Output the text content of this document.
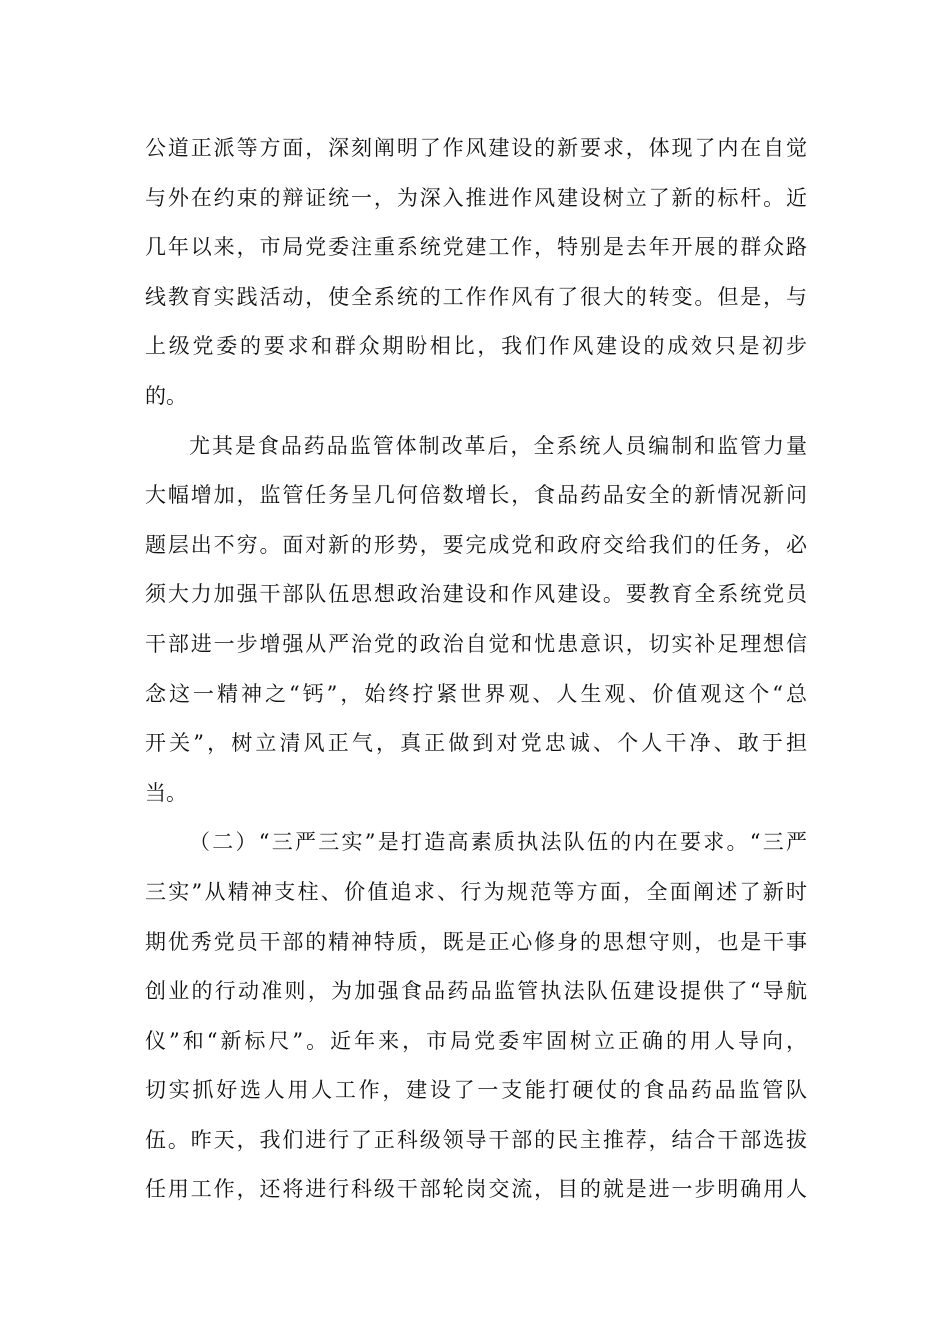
公道正派等方面，深刻阐明了作风建设的新要求，体现了内在自觉
与外在约束的辩证统一，为深入推进作风建设树立了新的标杆。近
几年以来，市局党委注重系统党建工作，特别是去年开展的群众路
线教育实践活动，使全系统的工作作风有了很大的转变。但是，与
上级党委的要求和群众期盼相比，我们作风建设的成效只是初步
的。
尤其是食品药品监管体制改革后，全系统人员编制和监管力量
大幅增加，监管任务呈几何倍数增长，食品药品安全的新情况新问
题层出不穷。面对新的形势，要完成党和政府交给我们的任务，必
须大力加强干部队伍思想政治建设和作风建设。要教育全系统党员
干部进一步增强从严治党的政治自觉和忧患意识，切实补足理想信
念这一精神之“钙”，始终拧紧世界观、人生观、价值观这个“总
开关”，树立清风正气，真正做到对党忠诚、个人干净、敢于担
当。
（二）“三严三实”是打造高素质执法队伍的内在要求。“三严
三实”从精神支柱、价值追求、行为规范等方面，全面阐述了新时
期优秀党员干部的精神特质，既是正心修身的思想守则，也是干事
创业的行动准则，为加强食品药品监管执法队伍建设提供了“导航
仪”和“新标尺”。近年来，市局党委牢固树立正确的用人导向，
切实抓好选人用人工作，建设了一支能打硬仗的食品药品监管队
伍。昨天，我们进行了正科级领导干部的民主推荐，结合干部选拔
任用工作，还将进行科级干部轮岗交流，目的就是进一步明确用人
